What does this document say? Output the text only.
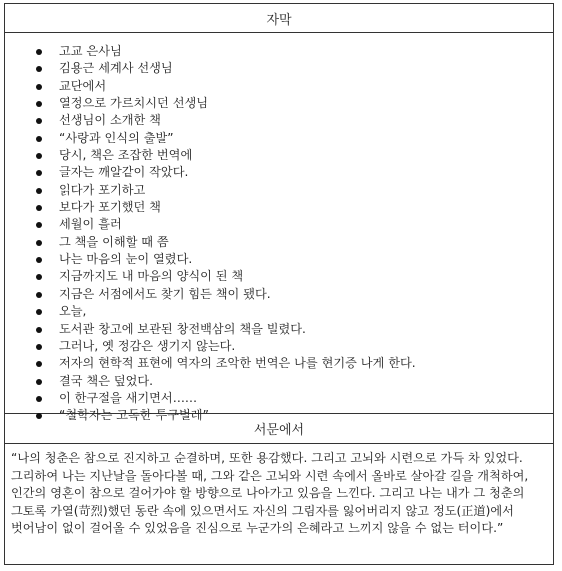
자막
고교 은사님
김용근 세계사 선생님
교단에서
열정으로 가르치시던 선생님
선생님이 소개한 책
“사랑과 인식의 출발”
당시, 책은 조잡한 번역에
글자는 깨알같이 작았다.
읽다가 포기하고
보다가 포기했던 책
세월이 흘러
그 책을 이해할 때 쯤
나는 마음의 눈이 열렸다.
지금까지도 내 마음의 양식이 된 책
지금은 서점에서도 찾기 힘든 책이 됐다.
오늘,
도서관 창고에 보관된 창전백삼의 책을 빌렸다.
그러나, 옛 정감은 생기지 않는다.
저자의 현학적 표현에 역자의 조악한 번역은 나를 현기증 나게 한다.
결국 책은 덮었다.
이 한구절을 새기면서……
“철학자는 고독한 투구벌레”
서문에서

“나의 청춘은 참으로 진지하고 순결하며, 또한 용감했다. 그리고 고뇌와 시련으로 가득 차 있었다. 그리하여 나는 지난날을 돌아다볼 때, 그와 같은 고뇌와 시련 속에서 올바로 살아갈 길을 개척하여, 인간의 영혼이 참으로 걸어가야 할 방향으로 나아가고 있음을 느낀다. 그리고 나는 내가 그 청춘의 그토록 가열(苛烈)했던 동란 속에 있으면서도 자신의 그림자를 잃어버리지 않고 정도(正道)에서 벗어남이 없이 걸어올 수 있었음을 진심으로 누군가의 은혜라고 느끼지 않을 수 없는 터이다.”
